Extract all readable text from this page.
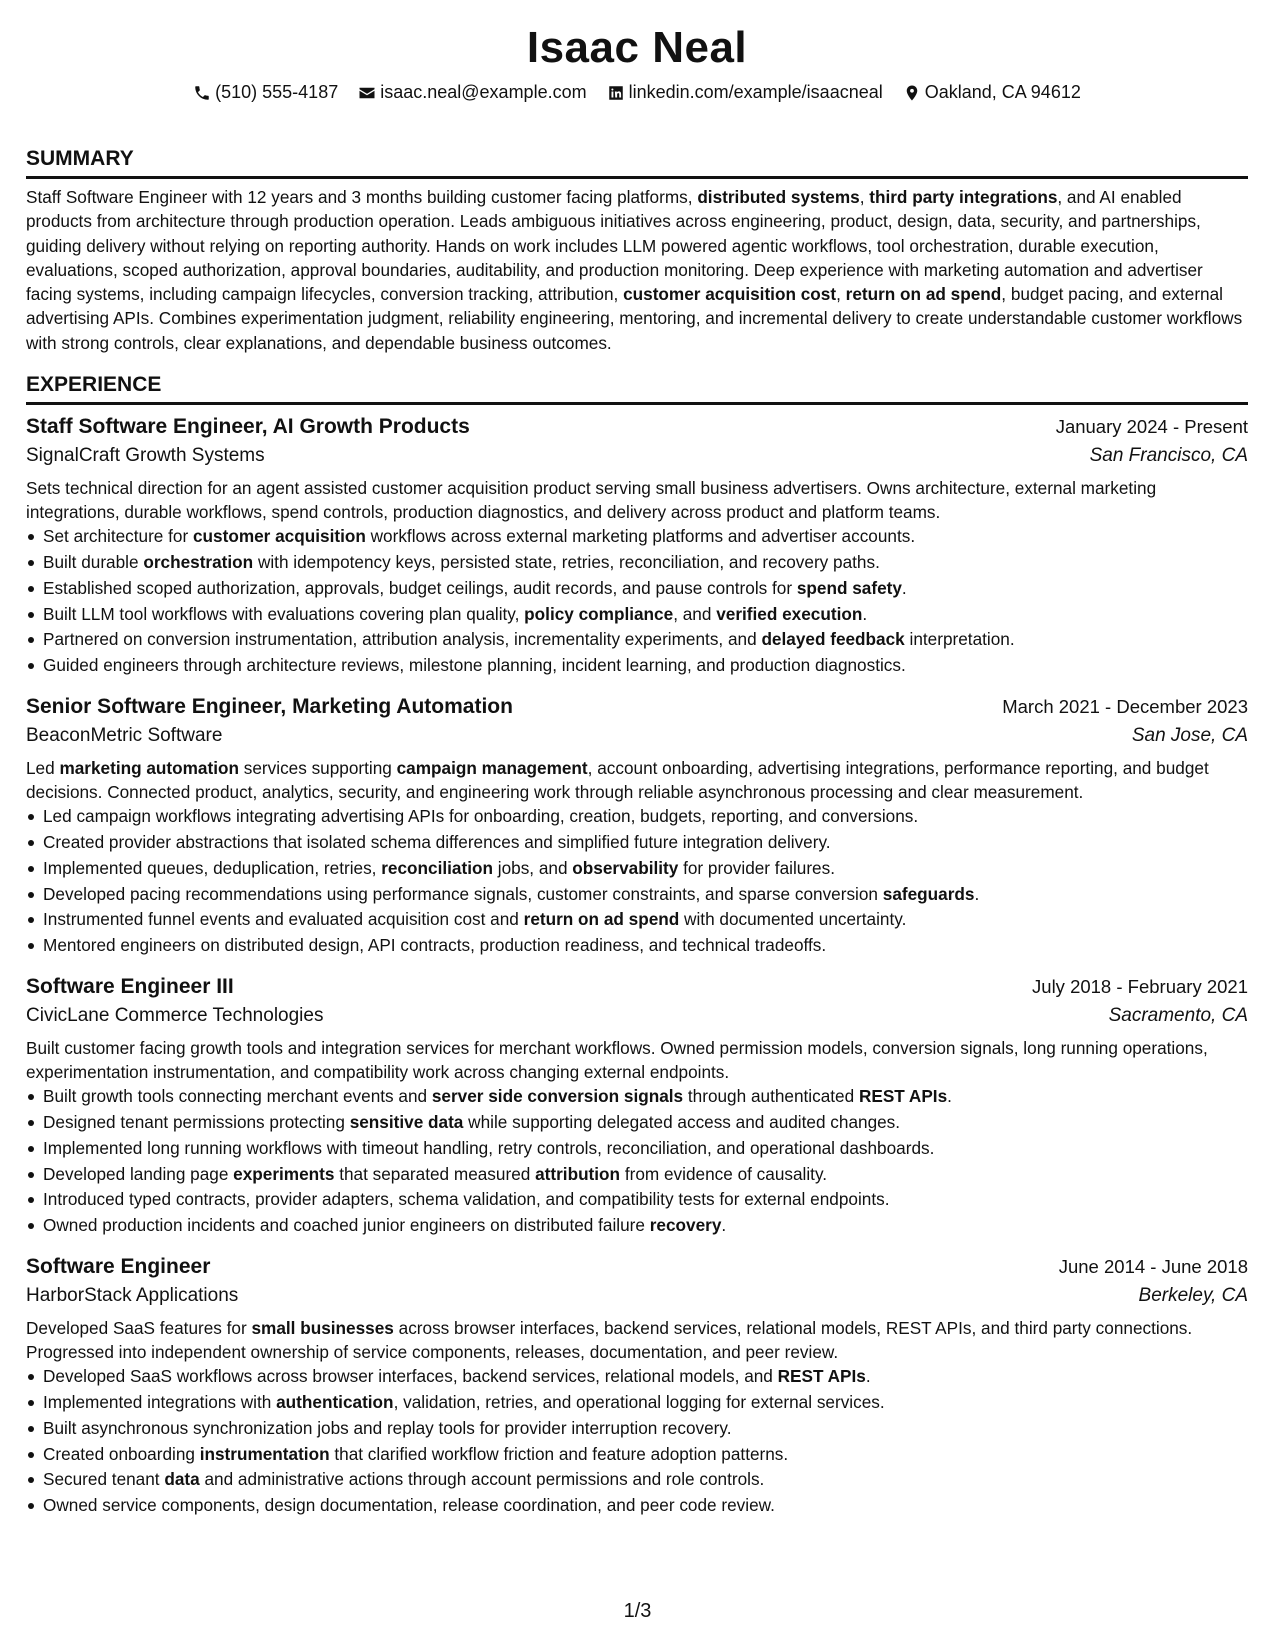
Isaac Neal
(510) 555-4187 isaac.neal@example.com linkedin.com/example/isaacneal Oakland, CA 94612
SUMMARY

Staff Software Engineer with 12 years and 3 months building customer facing platforms, distributed systems, third party integrations, and AI enabled products from architecture through production operation. Leads ambiguous initiatives across engineering, product, design, data, security, and partnerships, guiding delivery without relying on reporting authority. Hands on work includes LLM powered agentic workflows, tool orchestration, durable execution, evaluations, scoped authorization, approval boundaries, auditability, and production monitoring. Deep experience with marketing automation and advertiser facing systems, including campaign lifecycles, conversion tracking, attribution, customer acquisition cost, return on ad spend, budget pacing, and external advertising APIs. Combines experimentation judgment, reliability engineering, mentoring, and incremental delivery to create understandable customer workflows with strong controls, clear explanations, and dependable business outcomes.

EXPERIENCE
Staff Software Engineer, AI Growth Products	January 2024 - Present
SignalCraft Growth Systems	San Francisco, CA
Sets technical direction for an agent assisted customer acquisition product serving small business advertisers. Owns architecture, external marketing integrations, durable workflows, spend controls, production diagnostics, and delivery across product and platform teams.
Set architecture for customer acquisition workflows across external marketing platforms and advertiser accounts.
Built durable orchestration with idempotency keys, persisted state, retries, reconciliation, and recovery paths.
Established scoped authorization, approvals, budget ceilings, audit records, and pause controls for spend safety.
Built LLM tool workflows with evaluations covering plan quality, policy compliance, and verified execution.
Partnered on conversion instrumentation, attribution analysis, incrementality experiments, and delayed feedback interpretation.
Guided engineers through architecture reviews, milestone planning, incident learning, and production diagnostics.
Senior Software Engineer, Marketing Automation	March 2021 - December 2023
BeaconMetric Software	San Jose, CA
Led marketing automation services supporting campaign management, account onboarding, advertising integrations, performance reporting, and budget decisions. Connected product, analytics, security, and engineering work through reliable asynchronous processing and clear measurement.
Led campaign workflows integrating advertising APIs for onboarding, creation, budgets, reporting, and conversions.
Created provider abstractions that isolated schema differences and simplified future integration delivery.
Implemented queues, deduplication, retries, reconciliation jobs, and observability for provider failures.
Developed pacing recommendations using performance signals, customer constraints, and sparse conversion safeguards.
Instrumented funnel events and evaluated acquisition cost and return on ad spend with documented uncertainty.
Mentored engineers on distributed design, API contracts, production readiness, and technical tradeoffs.
Software Engineer III	July 2018 - February 2021
CivicLane Commerce Technologies	Sacramento, CA
Built customer facing growth tools and integration services for merchant workflows. Owned permission models, conversion signals, long running operations, experimentation instrumentation, and compatibility work across changing external endpoints.
Built growth tools connecting merchant events and server side conversion signals through authenticated REST APIs.
Designed tenant permissions protecting sensitive data while supporting delegated access and audited changes.
Implemented long running workflows with timeout handling, retry controls, reconciliation, and operational dashboards.
Developed landing page experiments that separated measured attribution from evidence of causality.
Introduced typed contracts, provider adapters, schema validation, and compatibility tests for external endpoints.
Owned production incidents and coached junior engineers on distributed failure recovery.
Software Engineer	June 2014 - June 2018
HarborStack Applications	Berkeley, CA
Developed SaaS features for small businesses across browser interfaces, backend services, relational models, REST APIs, and third party connections. Progressed into independent ownership of service components, releases, documentation, and peer review.
Developed SaaS workflows across browser interfaces, backend services, relational models, and REST APIs.
Implemented integrations with authentication, validation, retries, and operational logging for external services.
Built asynchronous synchronization jobs and replay tools for provider interruption recovery.
Created onboarding instrumentation that clarified workflow friction and feature adoption patterns.
Secured tenant data and administrative actions through account permissions and role controls.
Owned service components, design documentation, release coordination, and peer code review.
1/3
